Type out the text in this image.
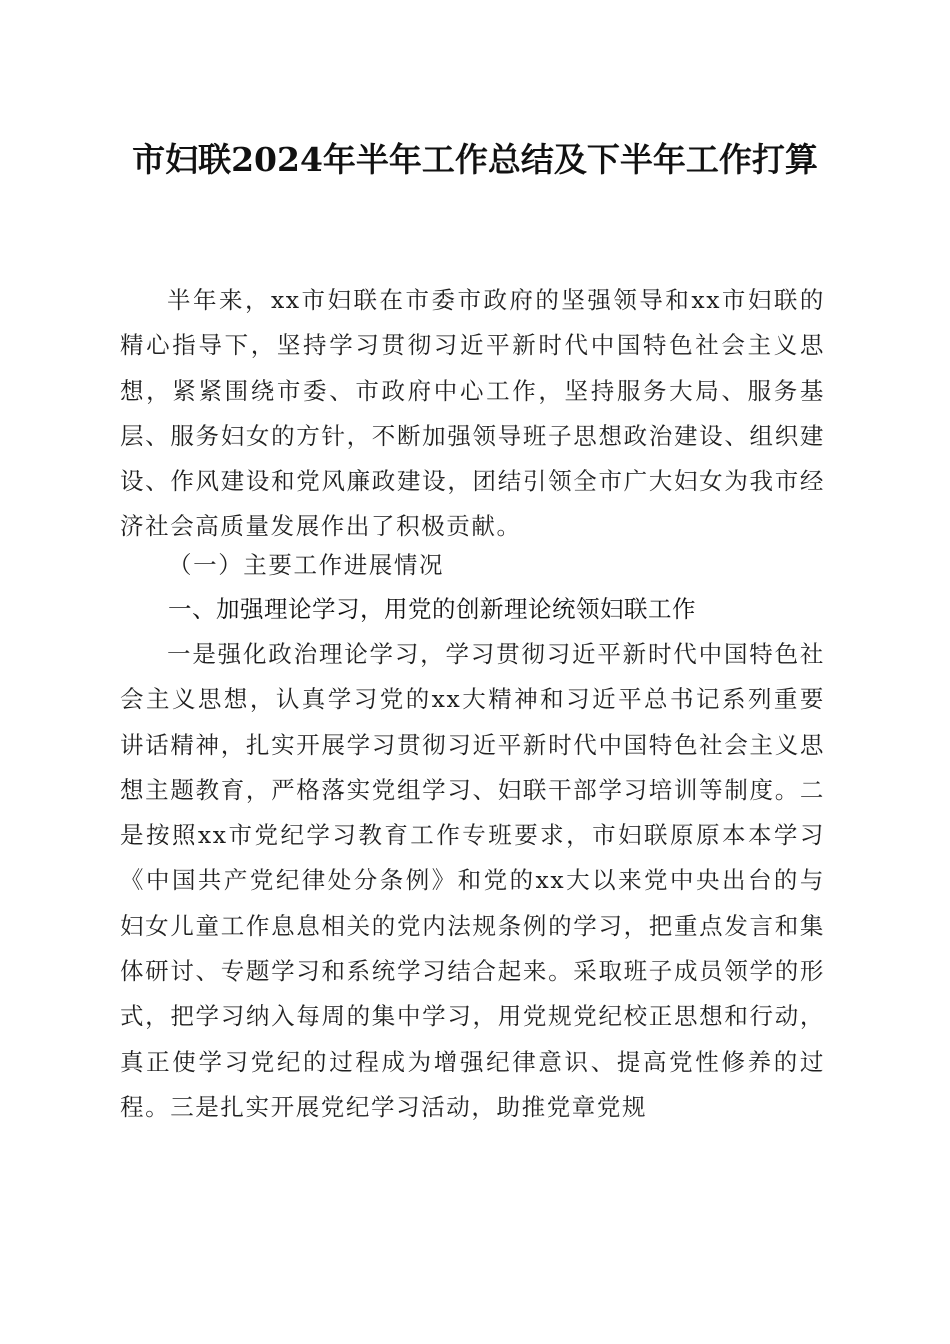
市妇联2024年半年工作总结及下半年工作打算

半年来，xx市妇联在市委市政府的坚强领导和xx市妇联的精心指导下，坚持学习贯彻习近平新时代中国特色社会主义思想，紧紧围绕市委、市政府中心工作，坚持服务大局、服务基层、服务妇女的方针，不断加强领导班子思想政治建设、组织建设、作风建设和党风廉政建设，团结引领全市广大妇女为我市经济社会高质量发展作出了积极贡献。

（一）主要工作进展情况

一、加强理论学习，用党的创新理论统领妇联工作

一是强化政治理论学习，学习贯彻习近平新时代中国特色社会主义思想，认真学习党的xx大精神和习近平总书记系列重要讲话精神，扎实开展学习贯彻习近平新时代中国特色社会主义思想主题教育，严格落实党组学习、妇联干部学习培训等制度。二是按照xx市党纪学习教育工作专班要求，市妇联原原本本学习《中国共产党纪律处分条例》和党的xx大以来党中央出台的与妇女儿童工作息息相关的党内法规条例的学习，把重点发言和集体研讨、专题学习和系统学习结合起来。采取班子成员领学的形式，把学习纳入每周的集中学习，用党规党纪校正思想和行动，真正使学习党纪的过程成为增强纪律意识、提高党性修养的过程。三是扎实开展党纪学习活动，助推党章党规
